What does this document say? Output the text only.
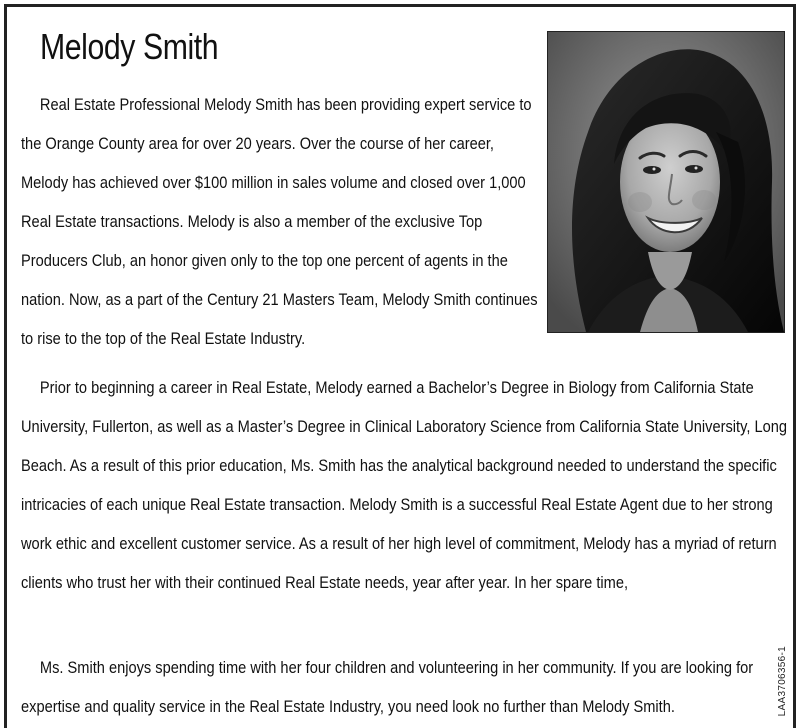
Melody Smith

Real Estate Professional Melody Smith has been providing expert service to the Orange County area for over 20 years. Over the course of her career, Melody has achieved over $100 million in sales volume and closed over 1,000 Real Estate transactions. Melody is also a member of the exclusive Top Producers Club, an honor given only to the top one percent of agents in the nation. Now, as a part of the Century 21 Masters Team, Melody Smith continues to rise to the top of the Real Estate Industry.

Prior to beginning a career in Real Estate, Melody earned a Bachelor’s Degree in Biology from California State University, Fullerton, as well as a Master’s Degree in Clinical Laboratory Science from California State University, Long Beach. As a result of this prior education, Ms. Smith has the analytical background needed to understand the specific intricacies of each unique Real Estate transaction. Melody Smith is a successful Real Estate Agent due to her strong work ethic and excellent customer service. As a result of her high level of commitment, Melody has a myriad of return clients who trust her with their continued Real Estate needs, year after year. In her spare time,

Ms. Smith enjoys spending time with her four children and volunteering in her community. If you are looking for expertise and quality service in the Real Estate Industry, you need look no further than Melody Smith.	LAA3706356-1
